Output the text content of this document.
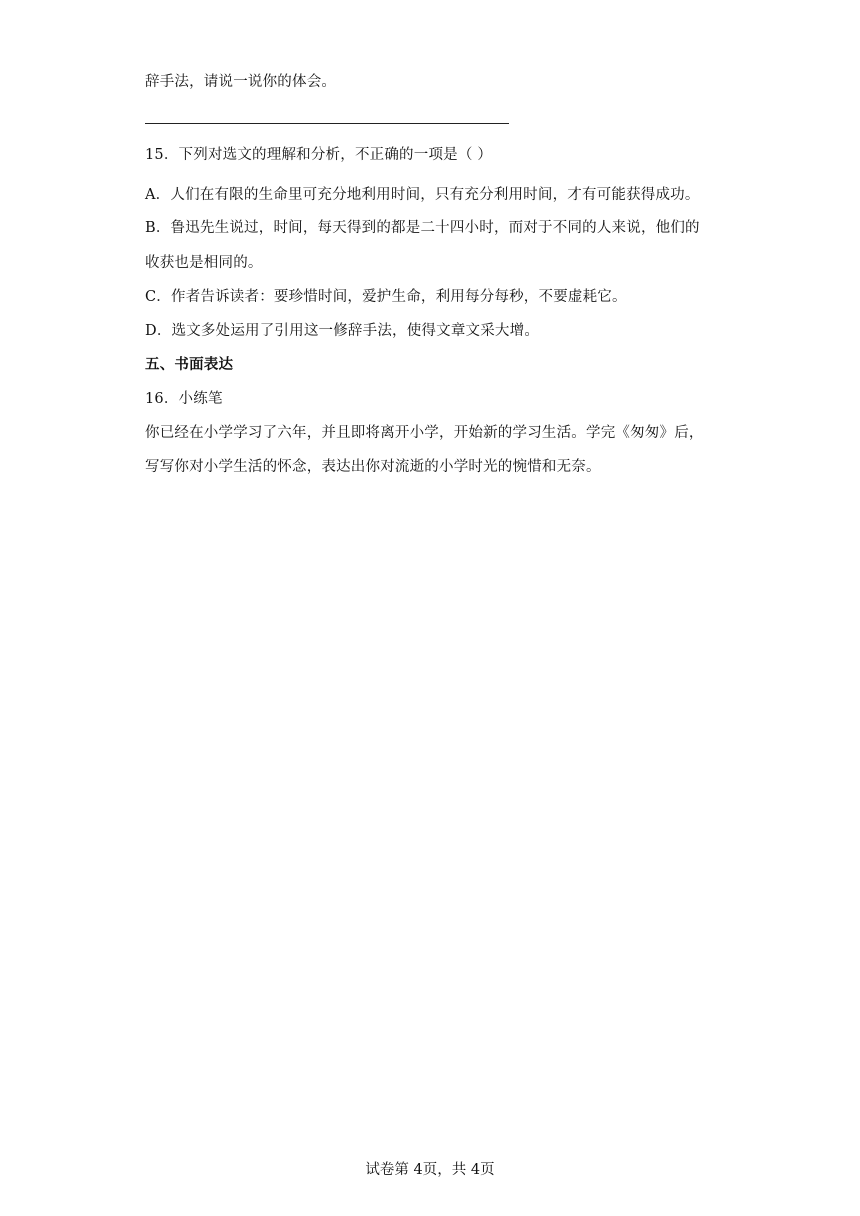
辞手法，请说一说你的体会。
15．下列对选文的理解和分析，不正确的一项是（ ）
A．人们在有限的生命里可充分地利用时间，只有充分利用时间，才有可能获得成功。
B．鲁迅先生说过，时间，每天得到的都是二十四小时，而对于不同的人来说，他们的
收获也是相同的。
C．作者告诉读者：要珍惜时间，爱护生命，利用每分每秒，不要虚耗它。
D．选文多处运用了引用这一修辞手法，使得文章文采大增。
五、书面表达
16．小练笔
你已经在小学学习了六年，并且即将离开小学，开始新的学习生活。学完《匆匆》后，
写写你对小学生活的怀念，表达出你对流逝的小学时光的惋惜和无奈。
试卷第 4页，共 4页
